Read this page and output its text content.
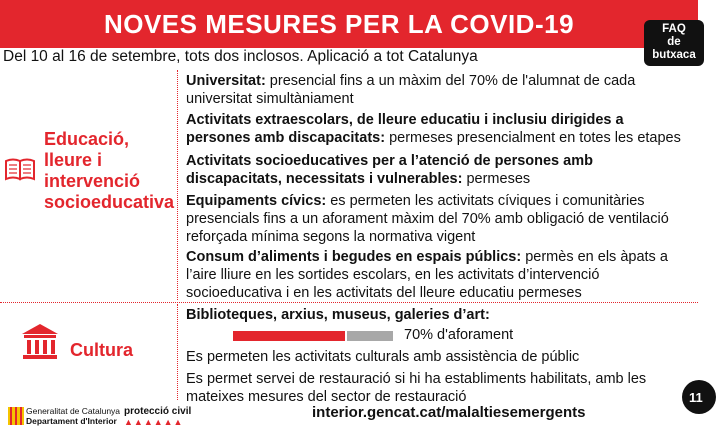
NOVES MESURES PER LA COVID-19	FAQ
de
butxaca
Del 10 al 16 de setembre, tots dos inclosos. Aplicació a tot Catalunya
Educació, lleure i intervenció socioeducativa
Universitat: presencial fins a un màxim del 70% de l'alumnat de cada universitat simultàniament
Activitats extraescolars, de lleure educatiu i inclusiu dirigides a persones amb discapacitats: permeses presencialment en totes les etapes
Activitats socioeducatives per a l’atenció de persones amb discapacitats, necessitats i vulnerables: permeses
Equipaments cívics: es permeten les activitats cíviques i comunitàries presencials fins a un aforament màxim del 70% amb obligació de ventilació reforçada mínima segons la normativa vigent
Consum d’aliments i begudes en espais públics: permès en els àpats a l’aire lliure en les sortides escolars, en les activitats d’intervenció socioeducativa i en les activitats del lleure educatiu permeses
Cultura
Biblioteques, arxius, museus, galeries d’art:
70% d'aforament
Es permeten les activitats culturals amb assistència de públic
Es permet servei de restauració si hi ha establiments habilitats, amb les mateixes mesures del sector de restauració
Generalitat de Catalunya
Departament d'Interior
protecció civil
▲▲▲▲▲▲
interior.gencat.cat/malaltiesemergents
11
